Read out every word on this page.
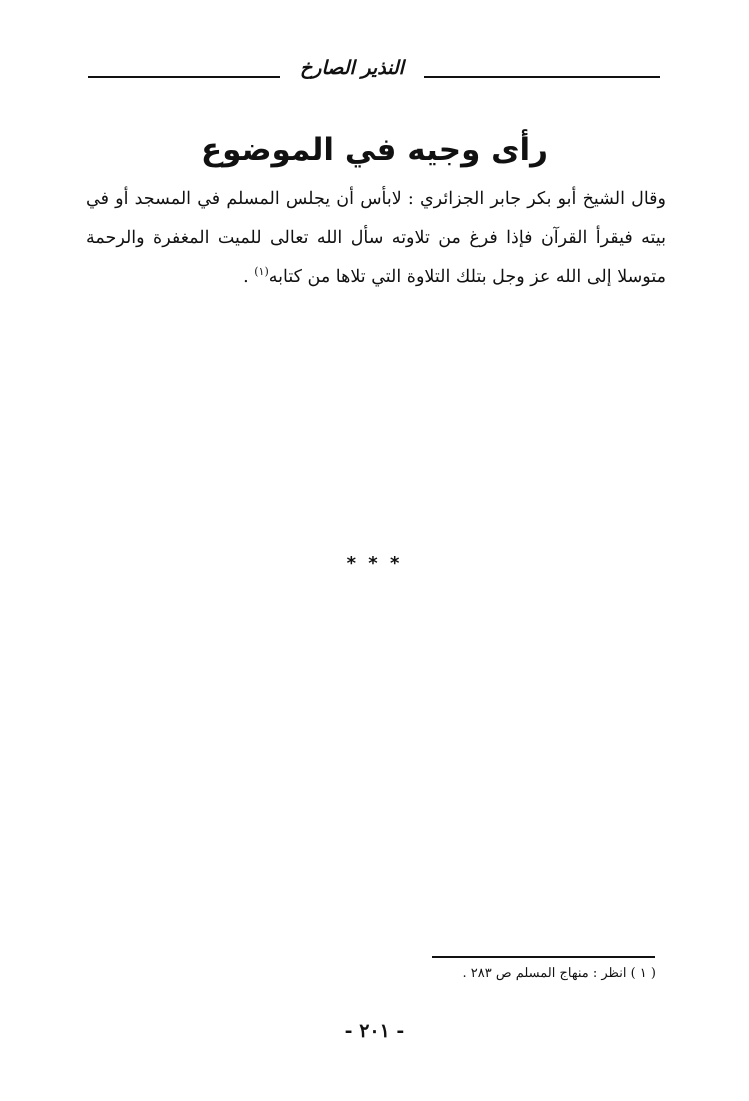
النذير الصارخ
رأى وجيه في الموضوع

وقال الشيخ أبو بكر جابر الجزائري : لابأس أن يجلس المسلم في المسجد أو في بيته فيقرأ القرآن فإذا فرغ من تلاوته سأل الله تعالى للميت المغفرة والرحمة متوسلا إلى الله عز وجل بتلك التلاوة التي تلاها من كتابه$^{(١)}$ .

* * *
( ١ ) انظر : منهاج المسلم ص ٢٨٣ .
- ٢٠١ -
